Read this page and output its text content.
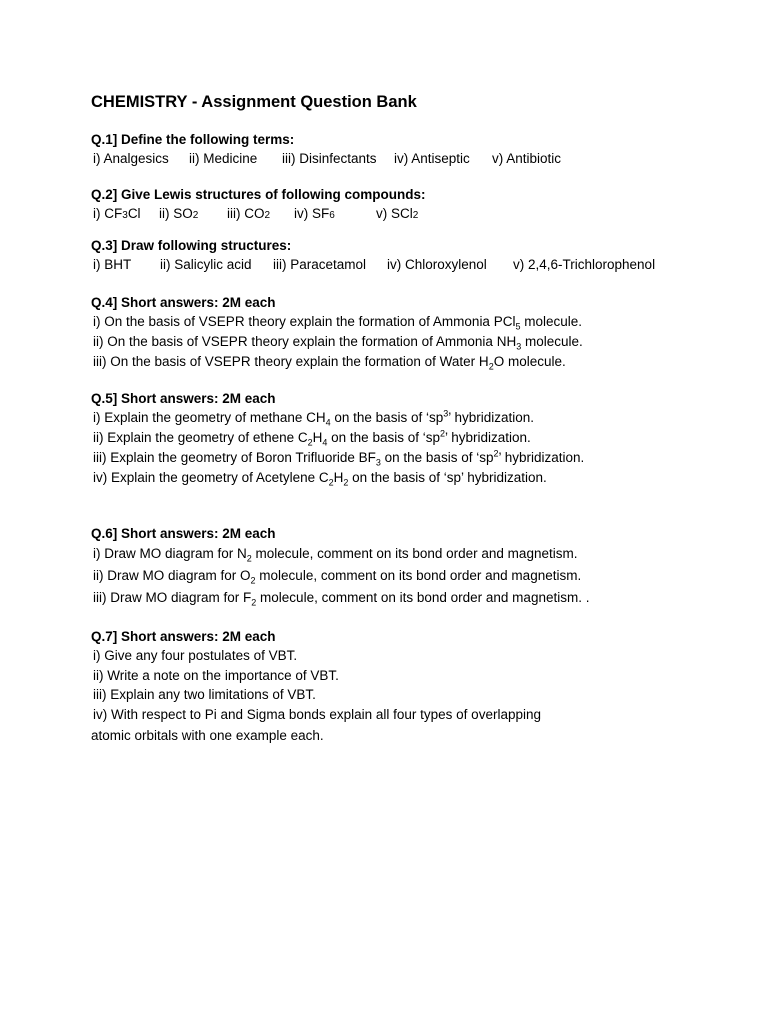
CHEMISTRY - Assignment Question Bank
Q.1] Define the following terms:
i) Analgesics ii) Medicine iii) Disinfectants iv) Antiseptic v) Antibiotic
Q.2] Give Lewis structures of following compounds:
i) CF3Cl ii) SO2 iii) CO2 iv) SF6	v) SCl2
Q.3] Draw following structures:
i) BHT ii) Salicylic acid iii) Paracetamol iv) Chloroxylenol v) 2,4,6-Trichlorophenol
Q.4] Short answers: 2M each
i) On the basis of VSEPR theory explain the formation of Ammonia PCl$_5$ molecule.
ii) On the basis of VSEPR theory explain the formation of Ammonia $NH_3$ molecule.
iii) On the basis of VSEPR theory explain the formation of Water $H_2O$ molecule.
Q.5] Short answers: 2M each
i) Explain the geometry of methane $CH_4$ on the basis of ‘$sp^3$’ hybridization.
ii) Explain the geometry of ethene $C_2H_4$ on the basis of ‘$sp^2$’ hybridization.
iii) Explain the geometry of Boron Trifluoride $BF_3$ on the basis of ‘$sp^2$’ hybridization.
iv) Explain the geometry of Acetylene $C_2H_2$ on the basis of ‘sp’ hybridization.
Q.6] Short answers: 2M each
i) Draw MO diagram for $N_2$ molecule, comment on its bond order and magnetism.
ii) Draw MO diagram for $O_2$ molecule, comment on its bond order and magnetism.
iii) Draw MO diagram for $F_2$ molecule, comment on its bond order and magnetism. .
Q.7] Short answers: 2M each
i) Give any four postulates of VBT.
ii) Write a note on the importance of VBT.
iii) Explain any two limitations of VBT.
iv) With respect to Pi and Sigma bonds explain all four types of overlapping
atomic orbitals with one example each.
